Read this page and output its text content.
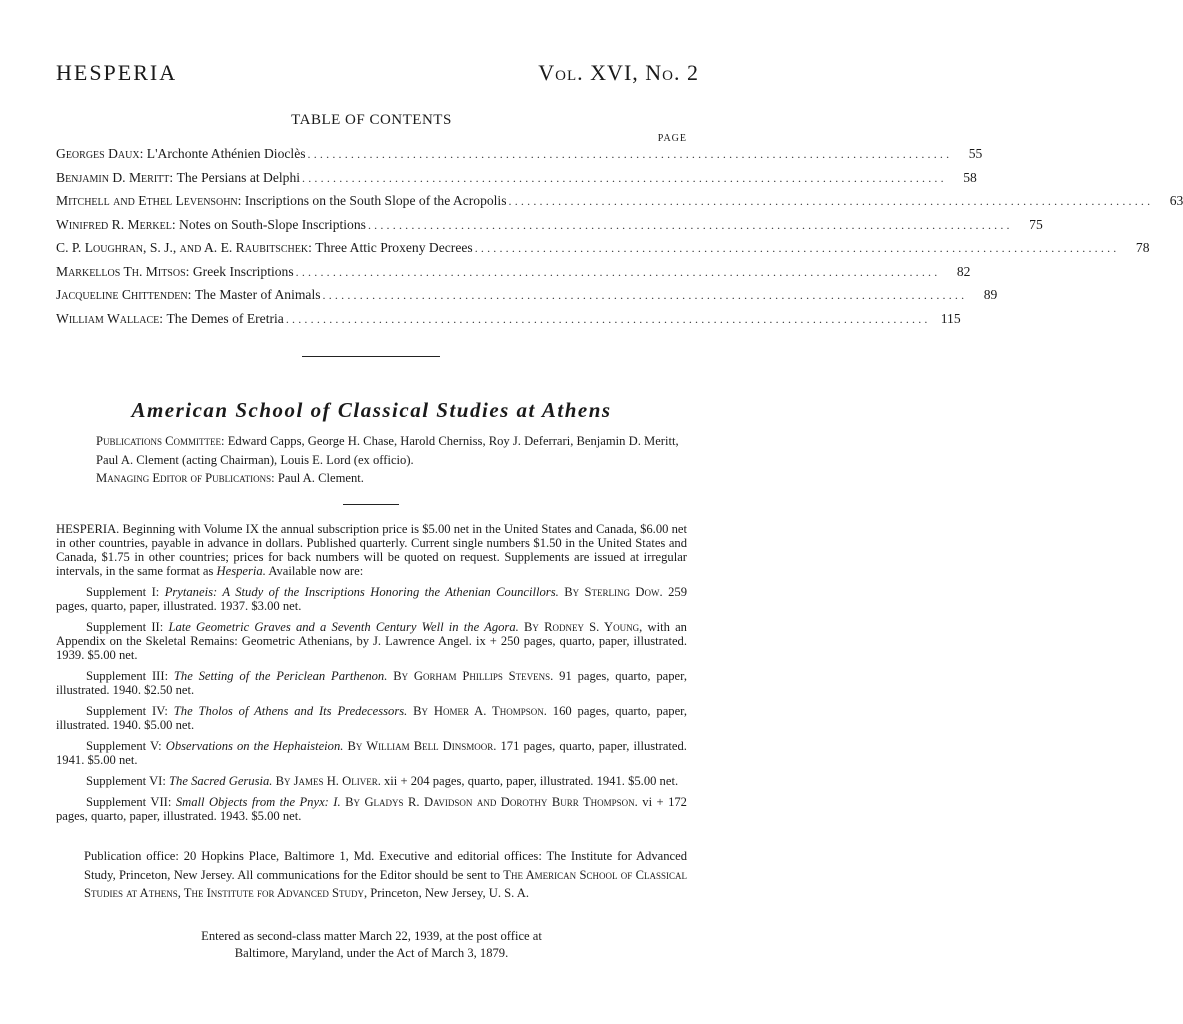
HESPERIA	Vol. XVI, No. 2
TABLE OF CONTENTS
PAGE
Georges Daux : L'Archonte Athénien Dioclès ........................................................................................................	55
Benjamin D. Meritt : The Persians at Delphi ........................................................................................................	58
Mitchell and Ethel Levensohn : Inscriptions on the South Slope of the Acropolis ........................................................................................................	63
Winifred R. Merkel : Notes on South-Slope Inscriptions ........................................................................................................	75
C. P. Loughran, S. J., and A. E. Raubitschek : Three Attic Proxeny Decrees ........................................................................................................	78
Markellos Th. Mitsos : Greek Inscriptions ........................................................................................................	82
Jacqueline Chittenden : The Master of Animals ........................................................................................................	89
William Wallace : The Demes of Eretria ........................................................................................................ 115
American School of Classical Studies at Athens
Publications Committee: Edward Capps, George H. Chase, Harold Cherniss, Roy J. Deferrari, Benjamin D. Meritt, Paul A. Clement (acting Chairman), Louis E. Lord (ex officio).
Managing Editor of Publications: Paul A. Clement.

HESPERIA. Beginning with Volume IX the annual subscription price is $5.00 net in the United States and Canada, $6.00 net in other countries, payable in advance in dollars. Published quarterly. Current single numbers $1.50 in the United States and Canada, $1.75 in other countries; prices for back numbers will be quoted on request. Supplements are issued at irregular intervals, in the same format as Hesperia. Available now are:

Supplement I: Prytaneis: A Study of the Inscriptions Honoring the Athenian Councillors. By Sterling Dow. 259 pages, quarto, paper, illustrated. 1937. $3.00 net.

Supplement II: Late Geometric Graves and a Seventh Century Well in the Agora. By Rodney S. Young, with an Appendix on the Skeletal Remains: Geometric Athenians, by J. Lawrence Angel. ix + 250 pages, quarto, paper, illustrated. 1939. $5.00 net.

Supplement III: The Setting of the Periclean Parthenon. By Gorham Phillips Stevens. 91 pages, quarto, paper, illustrated. 1940. $2.50 net.

Supplement IV: The Tholos of Athens and Its Predecessors. By Homer A. Thompson. 160 pages, quarto, paper, illustrated. 1940. $5.00 net.

Supplement V: Observations on the Hephaisteion. By William Bell Dinsmoor. 171 pages, quarto, paper, illustrated. 1941. $5.00 net.

Supplement VI: The Sacred Gerusia. By James H. Oliver. xii + 204 pages, quarto, paper, illustrated. 1941. $5.00 net.

Supplement VII: Small Objects from the Pnyx: I. By Gladys R. Davidson and Dorothy Burr Thompson. vi + 172 pages, quarto, paper, illustrated. 1943. $5.00 net.

Publication office: 20 Hopkins Place, Baltimore 1, Md. Executive and editorial offices: The Institute for Advanced Study, Princeton, New Jersey. All communications for the Editor should be sent to The American School of Classical Studies at Athens, The Institute for Advanced Study, Princeton, New Jersey, U. S. A.
Entered as second-class matter March 22, 1939, at the post office at
Baltimore, Maryland, under the Act of March 3, 1879.
